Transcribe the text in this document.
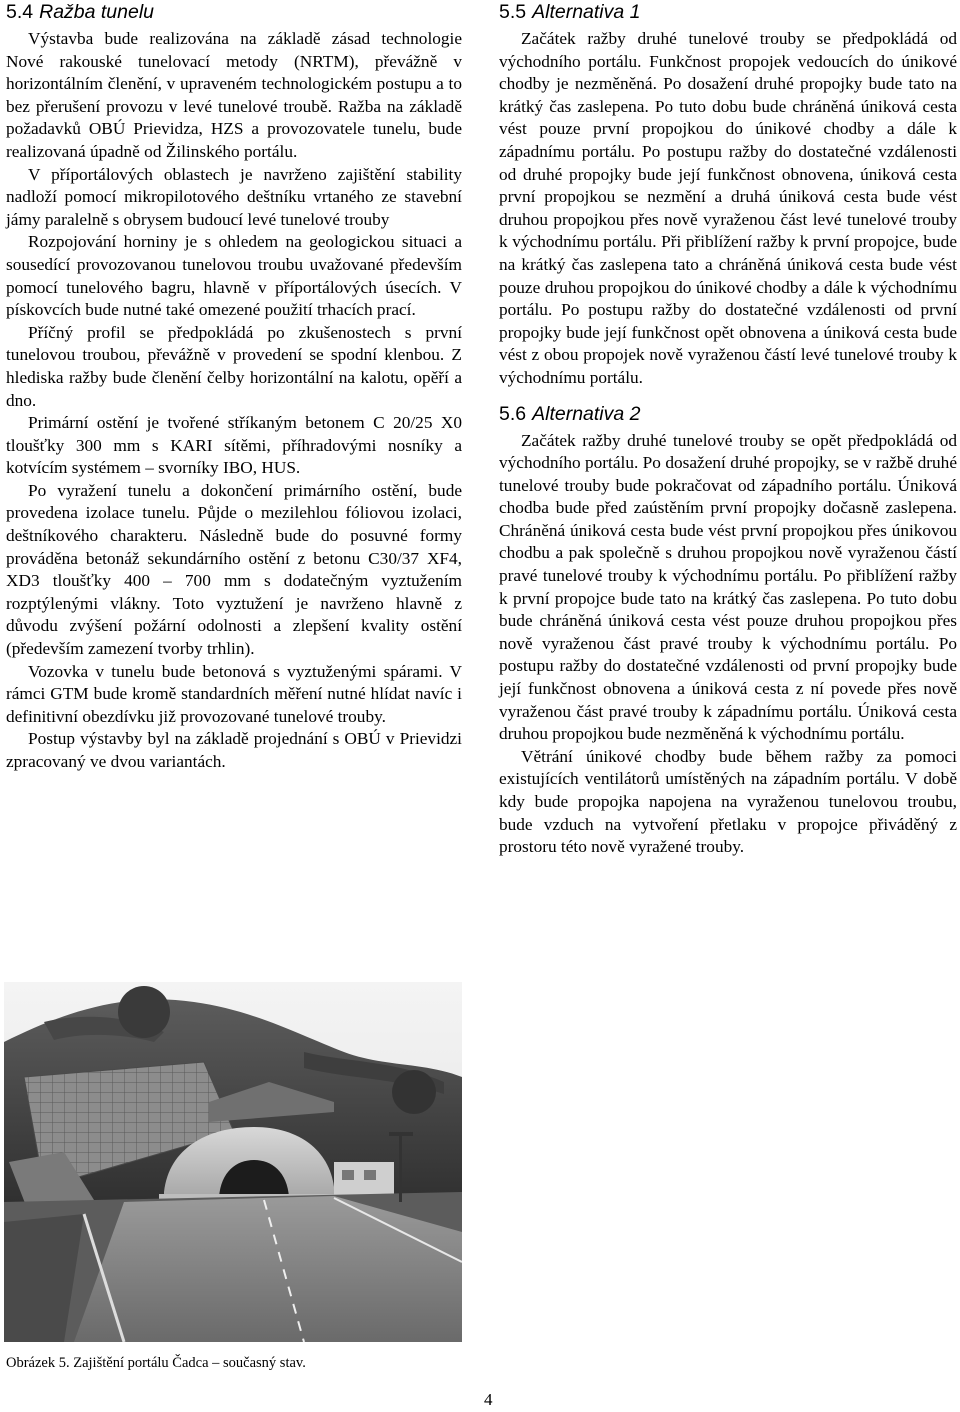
5.4 Ražba tunelu

Výstavba bude realizována na základě zásad technologie Nové rakouské tunelovací metody (NRTM), převážně v horizontálním členění, v upraveném technologickém postupu a to bez přerušení provozu v levé tunelové troubě. Ražba na základě požadavků OBÚ Prievidza, HZS a provozovatele tunelu, bude realizovaná úpadně od Žilinského portálu.

V příportálových oblastech je navrženo zajištění stability nadloží pomocí mikropilotového deštníku vrtaného ze stavební jámy paralelně s obrysem budoucí levé tunelové trouby

Rozpojování horniny je s ohledem na geologickou situaci a sousedící provozovanou tunelovou troubu uvažované především pomocí tunelového bagru, hlavně v příportálových úsecích. V pískovcích bude nutné také omezené použití trhacích prací.

Příčný profil se předpokládá po zkušenostech s první tunelovou troubou, převážně v provedení se spodní klenbou. Z hlediska ražby bude členění čelby horizontální na kalotu, opěří a dno.

Primární ostění je tvořené stříkaným betonem C 20/25 X0 tloušťky 300 mm s KARI sítěmi, příhradovými nosníky a kotvícím systémem – svorníky IBO, HUS.

Po vyražení tunelu a dokončení primárního ostění, bude provedena izolace tunelu. Půjde o mezilehlou fóliovou izolaci, deštníkového charakteru. Následně bude do posuvné formy prováděna betonáž sekundárního ostění z betonu C30/37 XF4, XD3 tloušťky 400 – 700 mm s dodatečným vyztužením rozptýlenými vlákny. Toto vyztužení je navrženo hlavně z důvodu zvýšení požární odolnosti a zlepšení kvality ostění (především zamezení tvorby trhlin).

Vozovka v tunelu bude betonová s vyztuženými spárami. V rámci GTM bude kromě standardních měření nutné hlídat navíc i definitivní obezdívku již provozované tunelové trouby.

Postup výstavby byl na základě projednání s OBÚ v Prievidzi zpracovaný ve dvou variantách.

5.5 Alternativa 1

Začátek ražby druhé tunelové trouby se předpokládá od východního portálu. Funkčnost propojek vedoucích do únikové chodby je nezměněná. Po dosažení druhé propojky bude tato na krátký čas zaslepena. Po tuto dobu bude chráněná úniková cesta vést pouze první propojkou do únikové chodby a dále k západnímu portálu. Po postupu ražby do dostatečné vzdálenosti od druhé propojky bude její funkčnost obnovena, úniková cesta první propojkou se nezmění a druhá úniková cesta bude vést druhou propojkou přes nově vyraženou část levé tunelové trouby k východnímu portálu. Při přiblížení ražby k první propojce, bude na krátký čas zaslepena tato a chráněná úniková cesta bude vést pouze druhou propojkou do únikové chodby a dále k východnímu portálu. Po postupu ražby do dostatečné vzdálenosti od první propojky bude její funkčnost opět obnovena a úniková cesta bude vést z obou propojek nově vyraženou částí levé tunelové trouby k východnímu portálu.

5.6 Alternativa 2

Začátek ražby druhé tunelové trouby se opět předpokládá od východního portálu. Po dosažení druhé propojky, se v ražbě druhé tunelové trouby bude pokračovat od západního portálu. Úniková chodba bude před zaústěním první propojky dočasně zaslepena. Chráněná úniková cesta bude vést první propojkou přes únikovou chodbu a pak společně s druhou propojkou nově vyraženou částí pravé tunelové trouby k východnímu portálu. Po přiblížení ražby k první propojce bude tato na krátký čas zaslepena. Po tuto dobu bude chráněná úniková cesta vést pouze druhou propojkou přes nově vyraženou část pravé trouby k východnímu portálu. Po postupu ražby do dostatečné vzdálenosti od první propojky bude její funkčnost obnovena a úniková cesta z ní povede přes nově vyraženou část pravé trouby k západnímu portálu. Úniková cesta druhou propojkou bude nezměněná k východnímu portálu.

Větrání únikové chodby bude během ražby za pomoci existujících ventilátorů umístěných na západním portálu. V době kdy bude propojka napojena na vyraženou tunelovou troubu, bude vzduch na vytvoření přetlaku v propojce přiváděný z prostoru této nově vyražené trouby.

Obrázek 5. Zajištění portálu Čadca – současný stav.
4
